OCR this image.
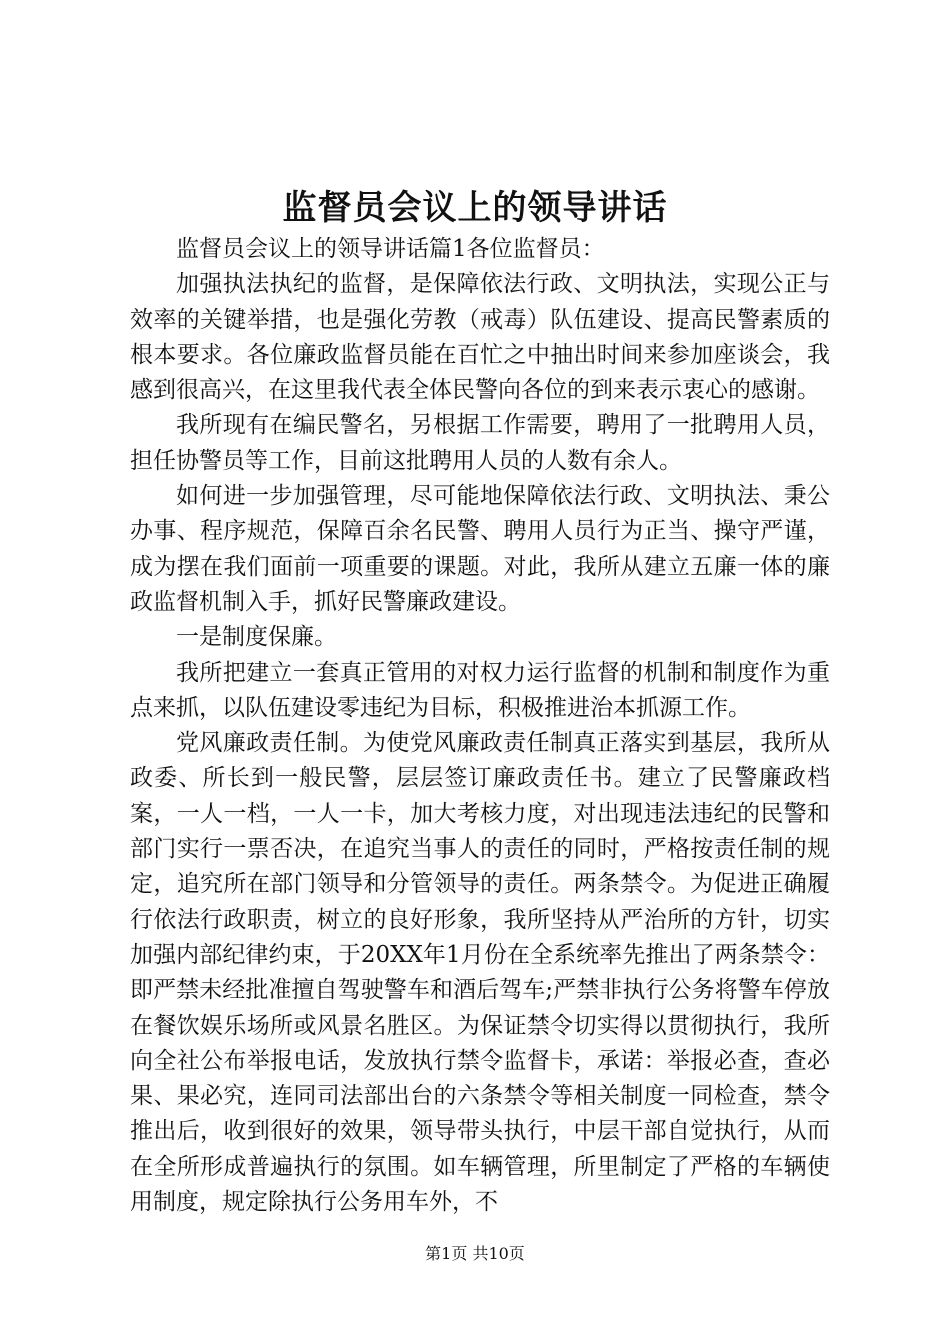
监督员会议上的领导讲话

监督员会议上的领导讲话篇1各位监督员：

加强执法执纪的监督，是保障依法行政、文明执法，实现公正与效率的关键举措，也是强化劳教（戒毒）队伍建设、提高民警素质的根本要求。各位廉政监督员能在百忙之中抽出时间来参加座谈会，我感到很高兴，在这里我代表全体民警向各位的到来表示衷心的感谢。

我所现有在编民警名，另根据工作需要，聘用了一批聘用人员，担任协警员等工作，目前这批聘用人员的人数有余人。

如何进一步加强管理，尽可能地保障依法行政、文明执法、秉公办事、程序规范，保障百余名民警、聘用人员行为正当、操守严谨，成为摆在我们面前一项重要的课题。对此，我所从建立五廉一体的廉政监督机制入手，抓好民警廉政建设。

一是制度保廉。

我所把建立一套真正管用的对权力运行监督的机制和制度作为重点来抓，以队伍建设零违纪为目标，积极推进治本抓源工作。

党风廉政责任制。为使党风廉政责任制真正落实到基层，我所从政委、所长到一般民警，层层签订廉政责任书。建立了民警廉政档案，一人一档，一人一卡，加大考核力度，对出现违法违纪的民警和部门实行一票否决，在追究当事人的责任的同时，严格按责任制的规定，追究所在部门领导和分管领导的责任。两条禁令。为促进正确履行依法行政职责，树立的良好形象，我所坚持从严治所的方针，切实加强内部纪律约束，于20XX年1月份在全系统率先推出了两条禁令：即严禁未经批准擅自驾驶警车和酒后驾车;严禁非执行公务将警车停放在餐饮娱乐场所或风景名胜区。为保证禁令切实得以贯彻执行，我所向全社公布举报电话，发放执行禁令监督卡，承诺：举报必查，查必果、果必究，连同司法部出台的六条禁令等相关制度一同检查，禁令推出后，收到很好的效果，领导带头执行，中层干部自觉执行，从而在全所形成普遍执行的氛围。如车辆管理，所里制定了严格的车辆使用制度，规定除执行公务用车外，不

第1页 共10页
